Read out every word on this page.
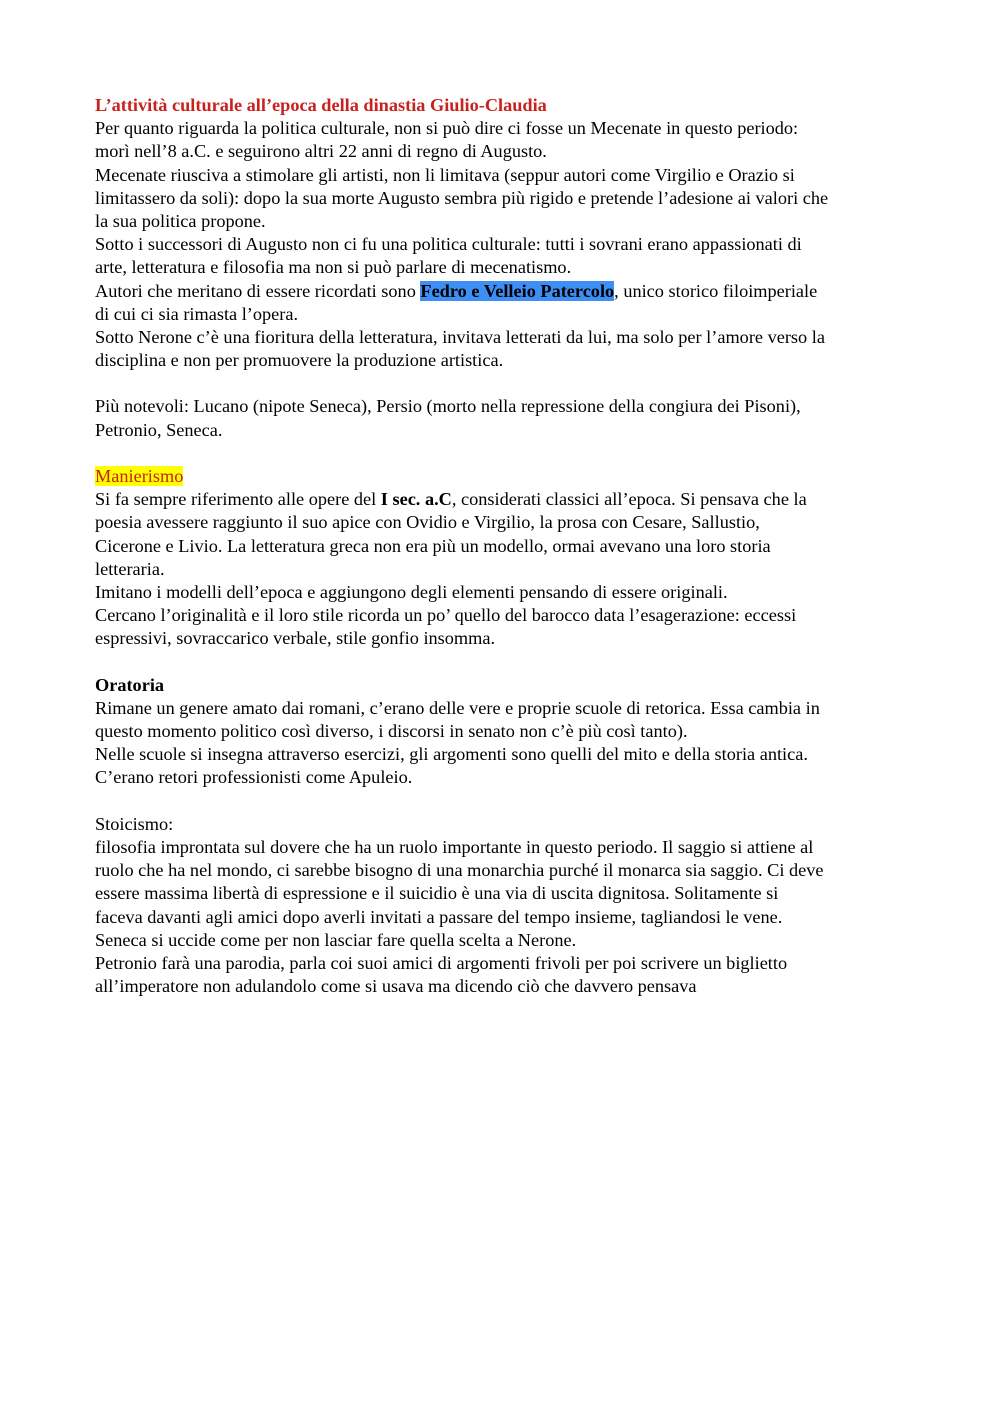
L’attività culturale all’epoca della dinastia Giulio-Claudia
Per quanto riguarda la politica culturale, non si può dire ci fosse un Mecenate in questo periodo:
morì nell’8 a.C. e seguirono altri 22 anni di regno di Augusto.
Mecenate riusciva a stimolare gli artisti, non li limitava (seppur autori come Virgilio e Orazio si
limitassero da soli): dopo la sua morte Augusto sembra più rigido e pretende l’adesione ai valori che
la sua politica propone.
Sotto i successori di Augusto non ci fu una politica culturale: tutti i sovrani erano appassionati di
arte, letteratura e filosofia ma non si può parlare di mecenatismo.
Autori che meritano di essere ricordati sono Fedro e Velleio Patercolo, unico storico filoimperiale
di cui ci sia rimasta l’opera.
Sotto Nerone c’è una fioritura della letteratura, invitava letterati da lui, ma solo per l’amore verso la
disciplina e non per promuovere la produzione artistica.
Più notevoli: Lucano (nipote Seneca), Persio (morto nella repressione della congiura dei Pisoni),
Petronio, Seneca.
Manierismo
Si fa sempre riferimento alle opere del I sec. a.C, considerati classici all’epoca. Si pensava che la
poesia avessere raggiunto il suo apice con Ovidio e Virgilio, la prosa con Cesare, Sallustio,
Cicerone e Livio. La letteratura greca non era più un modello, ormai avevano una loro storia
letteraria.
Imitano i modelli dell’epoca e aggiungono degli elementi pensando di essere originali.
Cercano l’originalità e il loro stile ricorda un po’ quello del barocco data l’esagerazione: eccessi
espressivi, sovraccarico verbale, stile gonfio insomma.
Oratoria
Rimane un genere amato dai romani, c’erano delle vere e proprie scuole di retorica. Essa cambia in
questo momento politico così diverso, i discorsi in senato non c’è più così tanto).
Nelle scuole si insegna attraverso esercizi, gli argomenti sono quelli del mito e della storia antica.
C’erano retori professionisti come Apuleio.
Stoicismo:
filosofia improntata sul dovere che ha un ruolo importante in questo periodo. Il saggio si attiene al
ruolo che ha nel mondo, ci sarebbe bisogno di una monarchia purché il monarca sia saggio. Ci deve
essere massima libertà di espressione e il suicidio è una via di uscita dignitosa. Solitamente si
faceva davanti agli amici dopo averli invitati a passare del tempo insieme, tagliandosi le vene.
Seneca si uccide come per non lasciar fare quella scelta a Nerone.
Petronio farà una parodia, parla coi suoi amici di argomenti frivoli per poi scrivere un biglietto
all’imperatore non adulandolo come si usava ma dicendo ciò che davvero pensava
